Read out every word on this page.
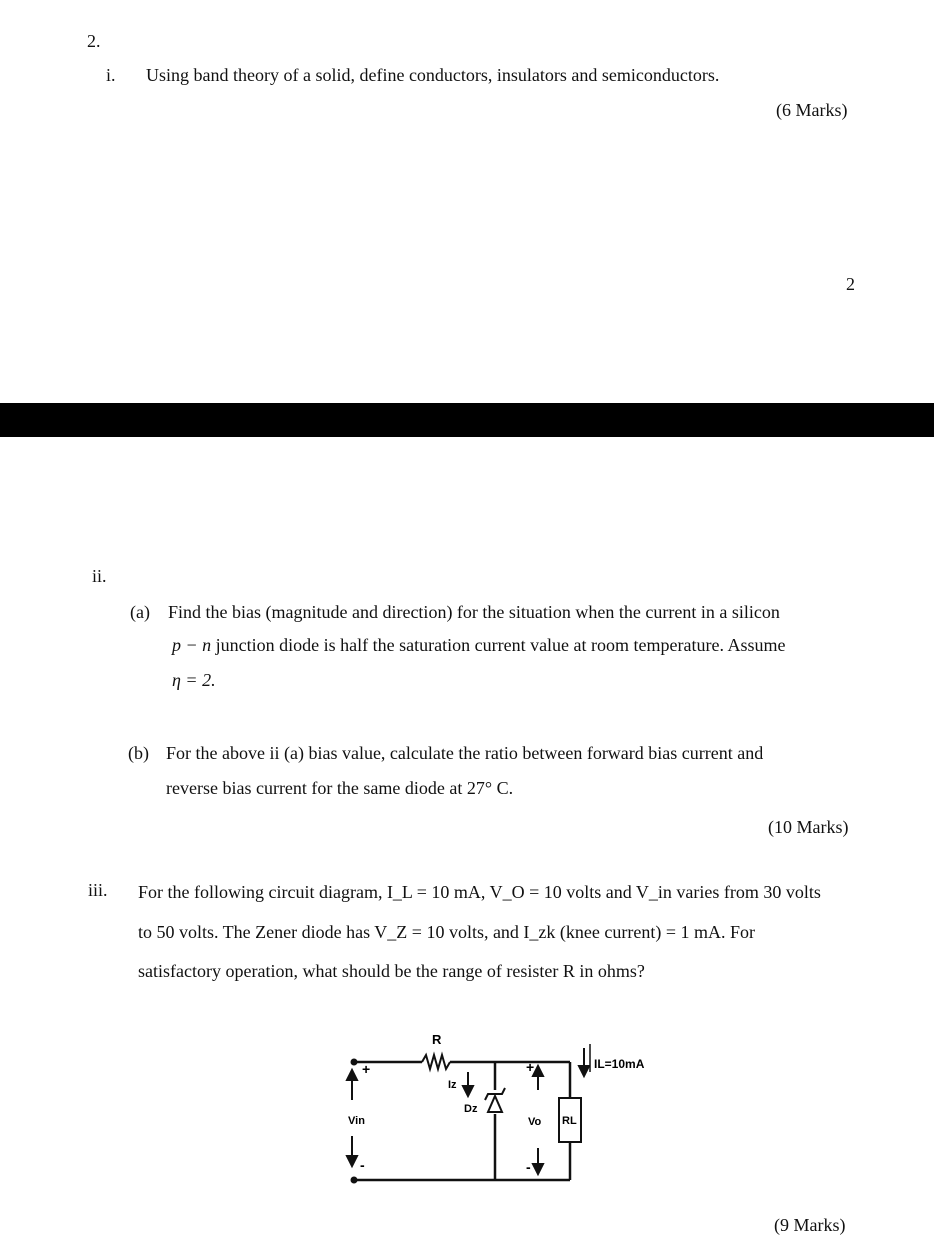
2.
i. Using band theory of a solid, define conductors, insulators and semiconductors.
(6 Marks)
2
ii.
(a) Find the bias (magnitude and direction) for the situation when the current in a silicon
p − n junction diode is half the saturation current value at room temperature. Assume
η = 2.
(b) For the above ii (a) bias value, calculate the ratio between forward bias current and
reverse bias current for the same diode at 27° C.
(10 Marks)
iii. For the following circuit diagram, I_L = 10 mA, V_O = 10 volts and V_in varies from 30 volts
to 50 volts. The Zener diode has V_Z = 10 volts, and I_zk (knee current) = 1 mA. For
satisfactory operation, what should be the range of resister R in ohms?
R
Iz
Dz
Vin	Vo RL
IL=10mA
+	+
-	-
(9 Marks)
